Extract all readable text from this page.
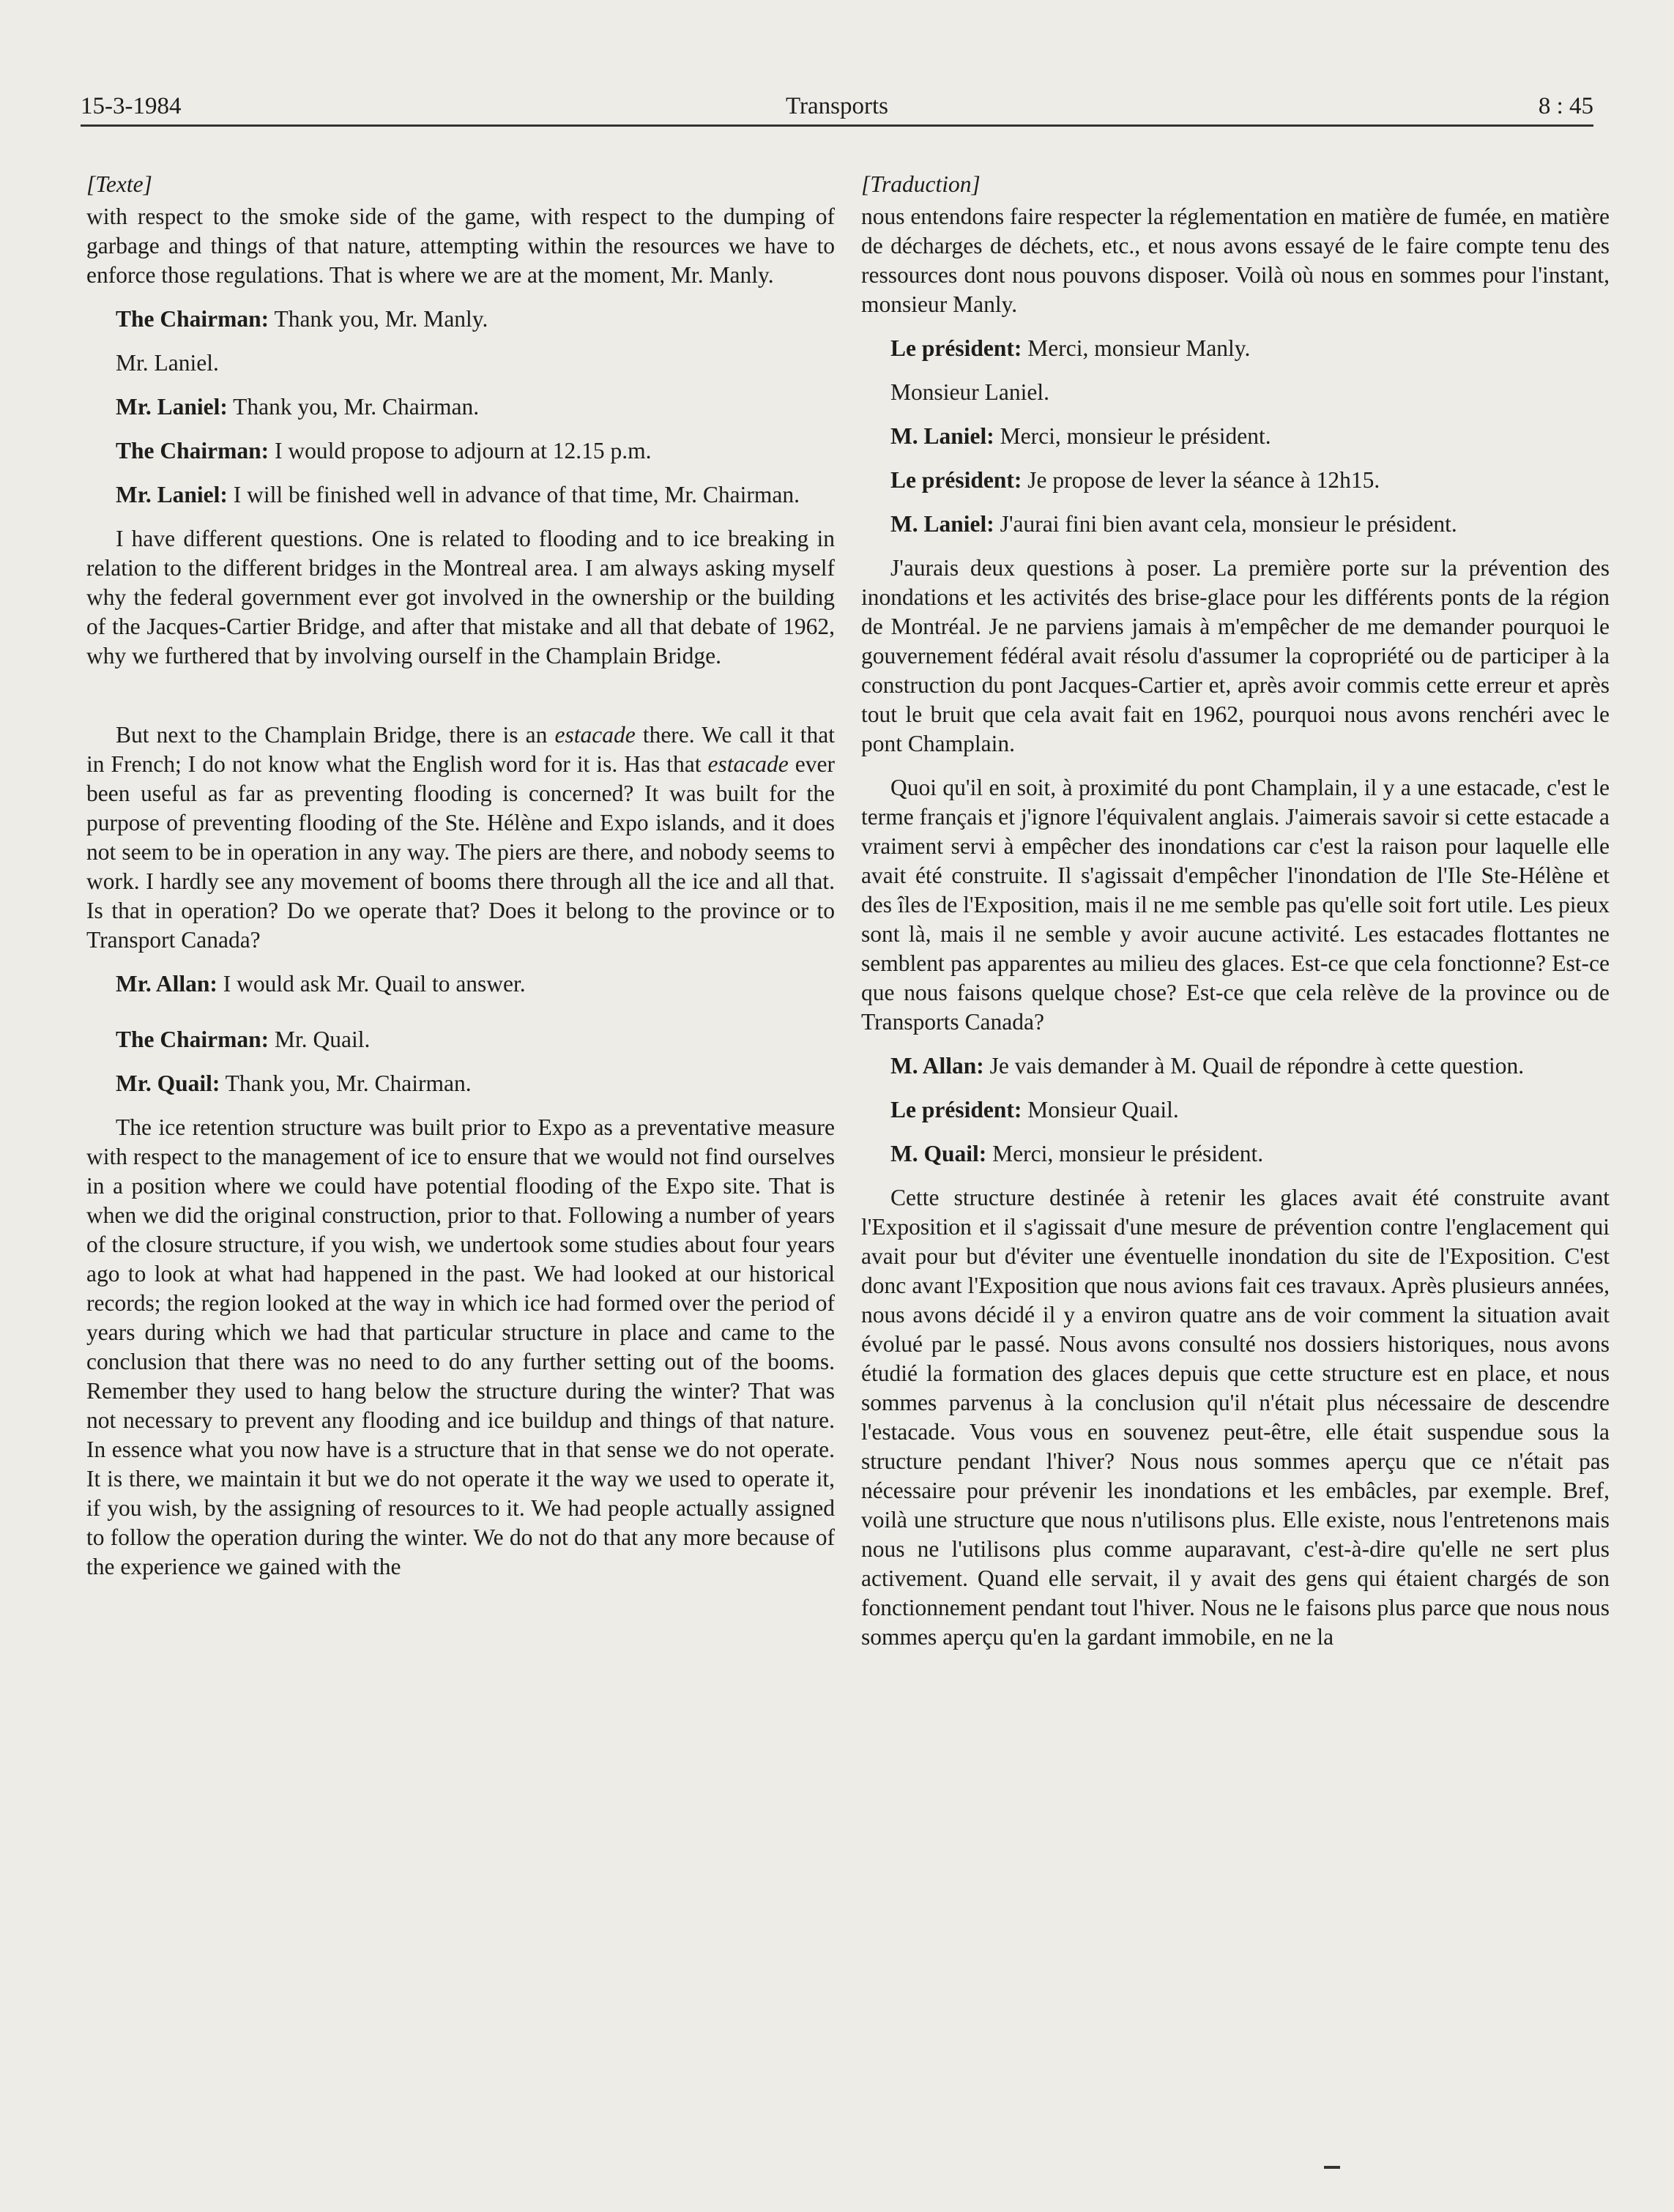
15-3-1984	Transports	8 : 45
[Texte]

with respect to the smoke side of the game, with respect to the dumping of garbage and things of that nature, attempting within the resources we have to enforce those regulations. That is where we are at the moment, Mr. Manly.

The Chairman: Thank you, Mr. Manly.

Mr. Laniel.

Mr. Laniel: Thank you, Mr. Chairman.

The Chairman: I would propose to adjourn at 12.15 p.m.

Mr. Laniel: I will be finished well in advance of that time, Mr. Chairman.

I have different questions. One is related to flooding and to ice breaking in relation to the different bridges in the Montreal area. I am always asking myself why the federal government ever got involved in the ownership or the building of the Jacques-Cartier Bridge, and after that mistake and all that debate of 1962, why we furthered that by involving ourself in the Champlain Bridge.

But next to the Champlain Bridge, there is an estacade there. We call it that in French; I do not know what the English word for it is. Has that estacade ever been useful as far as preventing flooding is concerned? It was built for the purpose of preventing flooding of the Ste. Hélène and Expo islands, and it does not seem to be in operation in any way. The piers are there, and nobody seems to work. I hardly see any movement of booms there through all the ice and all that. Is that in operation? Do we operate that? Does it belong to the province or to Transport Canada?

Mr. Allan: I would ask Mr. Quail to answer.

The Chairman: Mr. Quail.

Mr. Quail: Thank you, Mr. Chairman.

The ice retention structure was built prior to Expo as a preventative measure with respect to the management of ice to ensure that we would not find ourselves in a position where we could have potential flooding of the Expo site. That is when we did the original construction, prior to that. Following a number of years of the closure structure, if you wish, we undertook some studies about four years ago to look at what had happened in the past. We had looked at our historical records; the region looked at the way in which ice had formed over the period of years during which we had that particular structure in place and came to the conclusion that there was no need to do any further setting out of the booms. Remember they used to hang below the structure during the winter? That was not necessary to prevent any flooding and ice buildup and things of that nature. In essence what you now have is a structure that in that sense we do not operate. It is there, we maintain it but we do not operate it the way we used to operate it, if you wish, by the assigning of resources to it. We had people actually assigned to follow the operation during the winter. We do not do that any more because of the experience we gained with the

[Traduction]

nous entendons faire respecter la réglementation en matière de fumée, en matière de décharges de déchets, etc., et nous avons essayé de le faire compte tenu des ressources dont nous pouvons disposer. Voilà où nous en sommes pour l'instant, monsieur Manly.

Le président: Merci, monsieur Manly.

Monsieur Laniel.

M. Laniel: Merci, monsieur le président.

Le président: Je propose de lever la séance à 12h15.

M. Laniel: J'aurai fini bien avant cela, monsieur le président.

J'aurais deux questions à poser. La première porte sur la prévention des inondations et les activités des brise-glace pour les différents ponts de la région de Montréal. Je ne parviens jamais à m'empêcher de me demander pourquoi le gouvernement fédéral avait résolu d'assumer la copropriété ou de participer à la construction du pont Jacques-Cartier et, après avoir commis cette erreur et après tout le bruit que cela avait fait en 1962, pourquoi nous avons renchéri avec le pont Champlain.

Quoi qu'il en soit, à proximité du pont Champlain, il y a une estacade, c'est le terme français et j'ignore l'équivalent anglais. J'aimerais savoir si cette estacade a vraiment servi à empêcher des inondations car c'est la raison pour laquelle elle avait été construite. Il s'agissait d'empêcher l'inondation de l'Ile Ste-Hélène et des îles de l'Exposition, mais il ne me semble pas qu'elle soit fort utile. Les pieux sont là, mais il ne semble y avoir aucune activité. Les estacades flottantes ne semblent pas apparentes au milieu des glaces. Est-ce que cela fonctionne? Est-ce que nous faisons quelque chose? Est-ce que cela relève de la province ou de Transports Canada?

M. Allan: Je vais demander à M. Quail de répondre à cette question.

Le président: Monsieur Quail.

M. Quail: Merci, monsieur le président.

Cette structure destinée à retenir les glaces avait été construite avant l'Exposition et il s'agissait d'une mesure de prévention contre l'englacement qui avait pour but d'éviter une éventuelle inondation du site de l'Exposition. C'est donc avant l'Exposition que nous avions fait ces travaux. Après plusieurs années, nous avons décidé il y a environ quatre ans de voir comment la situation avait évolué par le passé. Nous avons consulté nos dossiers historiques, nous avons étudié la formation des glaces depuis que cette structure est en place, et nous sommes parvenus à la conclusion qu'il n'était plus nécessaire de descendre l'estacade. Vous vous en souvenez peut-être, elle était suspendue sous la structure pendant l'hiver? Nous nous sommes aperçu que ce n'était pas nécessaire pour prévenir les inondations et les embâcles, par exemple. Bref, voilà une structure que nous n'utilisons plus. Elle existe, nous l'entretenons mais nous ne l'utilisons plus comme auparavant, c'est-à-dire qu'elle ne sert plus activement. Quand elle servait, il y avait des gens qui étaient chargés de son fonctionnement pendant tout l'hiver. Nous ne le faisons plus parce que nous nous sommes aperçu qu'en la gardant immobile, en ne la
